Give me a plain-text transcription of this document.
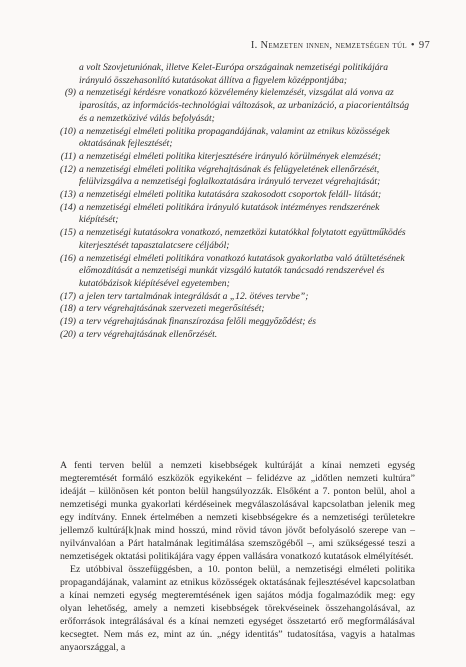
I. Nemzeten innen, nemzetségen túl • 97
a volt Szovjetuniónak, illetve Kelet-Európa országainak nemzetiségi politikájára irányuló összehasonlító kutatásokat állítva a figyelem középpontjába;
(9) a nemzetiségi kérdésre vonatkozó közvélemény kielemzését, vizsgálat alá vonva az iparosítás, az információs-technológiai változások, az urbanizáció, a piacorientáltság és a nemzetközivé válás befolyását;
(10) a nemzetiségi elméleti politika propagandájának, valamint az etnikus közösségek oktatásának fejlesztését;
(11) a nemzetiségi elméleti politika kiterjesztésére irányuló körülmények elemzését;
(12) a nemzetiségi elméleti politika végrehajtásának és felügyeletének ellenőrzését, felülvizsgálva a nemzetiségi foglalkoztatására irányuló tervezet végrehajtását;
(13) a nemzetiségi elméleti politika kutatására szakosodott csoportok feláll- lítását;
(14) a nemzetiségi elméleti politikára irányuló kutatások intézményes rendszerének kiépítését;
(15) a nemzetiségi kutatásokra vonatkozó, nemzetközi kutatókkal folytatott együttműködés kiterjesztését tapasztalatcsere céljából;
(16) a nemzetiségi elméleti politikára vonatkozó kutatások gyakorlatba való átültetésének előmozdítását a nemzetiségi munkát vizsgáló kutatók tanácsadó rendszerével és kutatóbázisok kiépítésével egyetemben;
(17) a jelen terv tartalmának integrálását a „12. ötéves tervbe”;
(18) a terv végrehajtásának szervezeti megerősítését;
(19) a terv végrehajtásának finanszírozása felőli meggyőződést; és
(20) a terv végrehajtásának ellenőrzését.

A fenti terven belül a nemzeti kisebbségek kultúráját a kínai nemzeti egység megteremtését formáló eszközök egyikeként – felidézve az „időtlen nemzeti kultúra” ideáját – különösen két ponton belül hangsúlyozzák. Elsőként a 7. ponton belül, ahol a nemzetiségi munka gyakorlati kérdéseinek megválaszolásával kapcsolatban jelenik meg egy indítvány. Ennek értelmében a nemzeti kisebbségekre és a nemzetiségi területekre jellemző kultúrá[k]nak mind hosszú, mind rövid távon jövőt befolyásoló szerepe van – nyilvánvalóan a Párt hatalmának legitimálása szemszögéből –, ami szükségessé teszi a nemzetiségek oktatási politikájára vagy éppen vallására vonatkozó kutatások elmélyítését.

Ez utóbbival összefüggésben, a 10. ponton belül, a nemzetiségi elméleti politika propagandájának, valamint az etnikus közösségek oktatásának fejlesztésével kapcsolatban a kínai nemzeti egység megteremtésének igen sajátos módja fogalmazódik meg: egy olyan lehetőség, amely a nemzeti kisebbségek törekvéseinek összehangolásával, az erőforrások integrálásával és a kínai nemzeti egységet összetartó erő megformálásával kecsegtet. Nem más ez, mint az ún. „négy identitás” tudatosítása, vagyis a hatalmas anyaországgal, a
